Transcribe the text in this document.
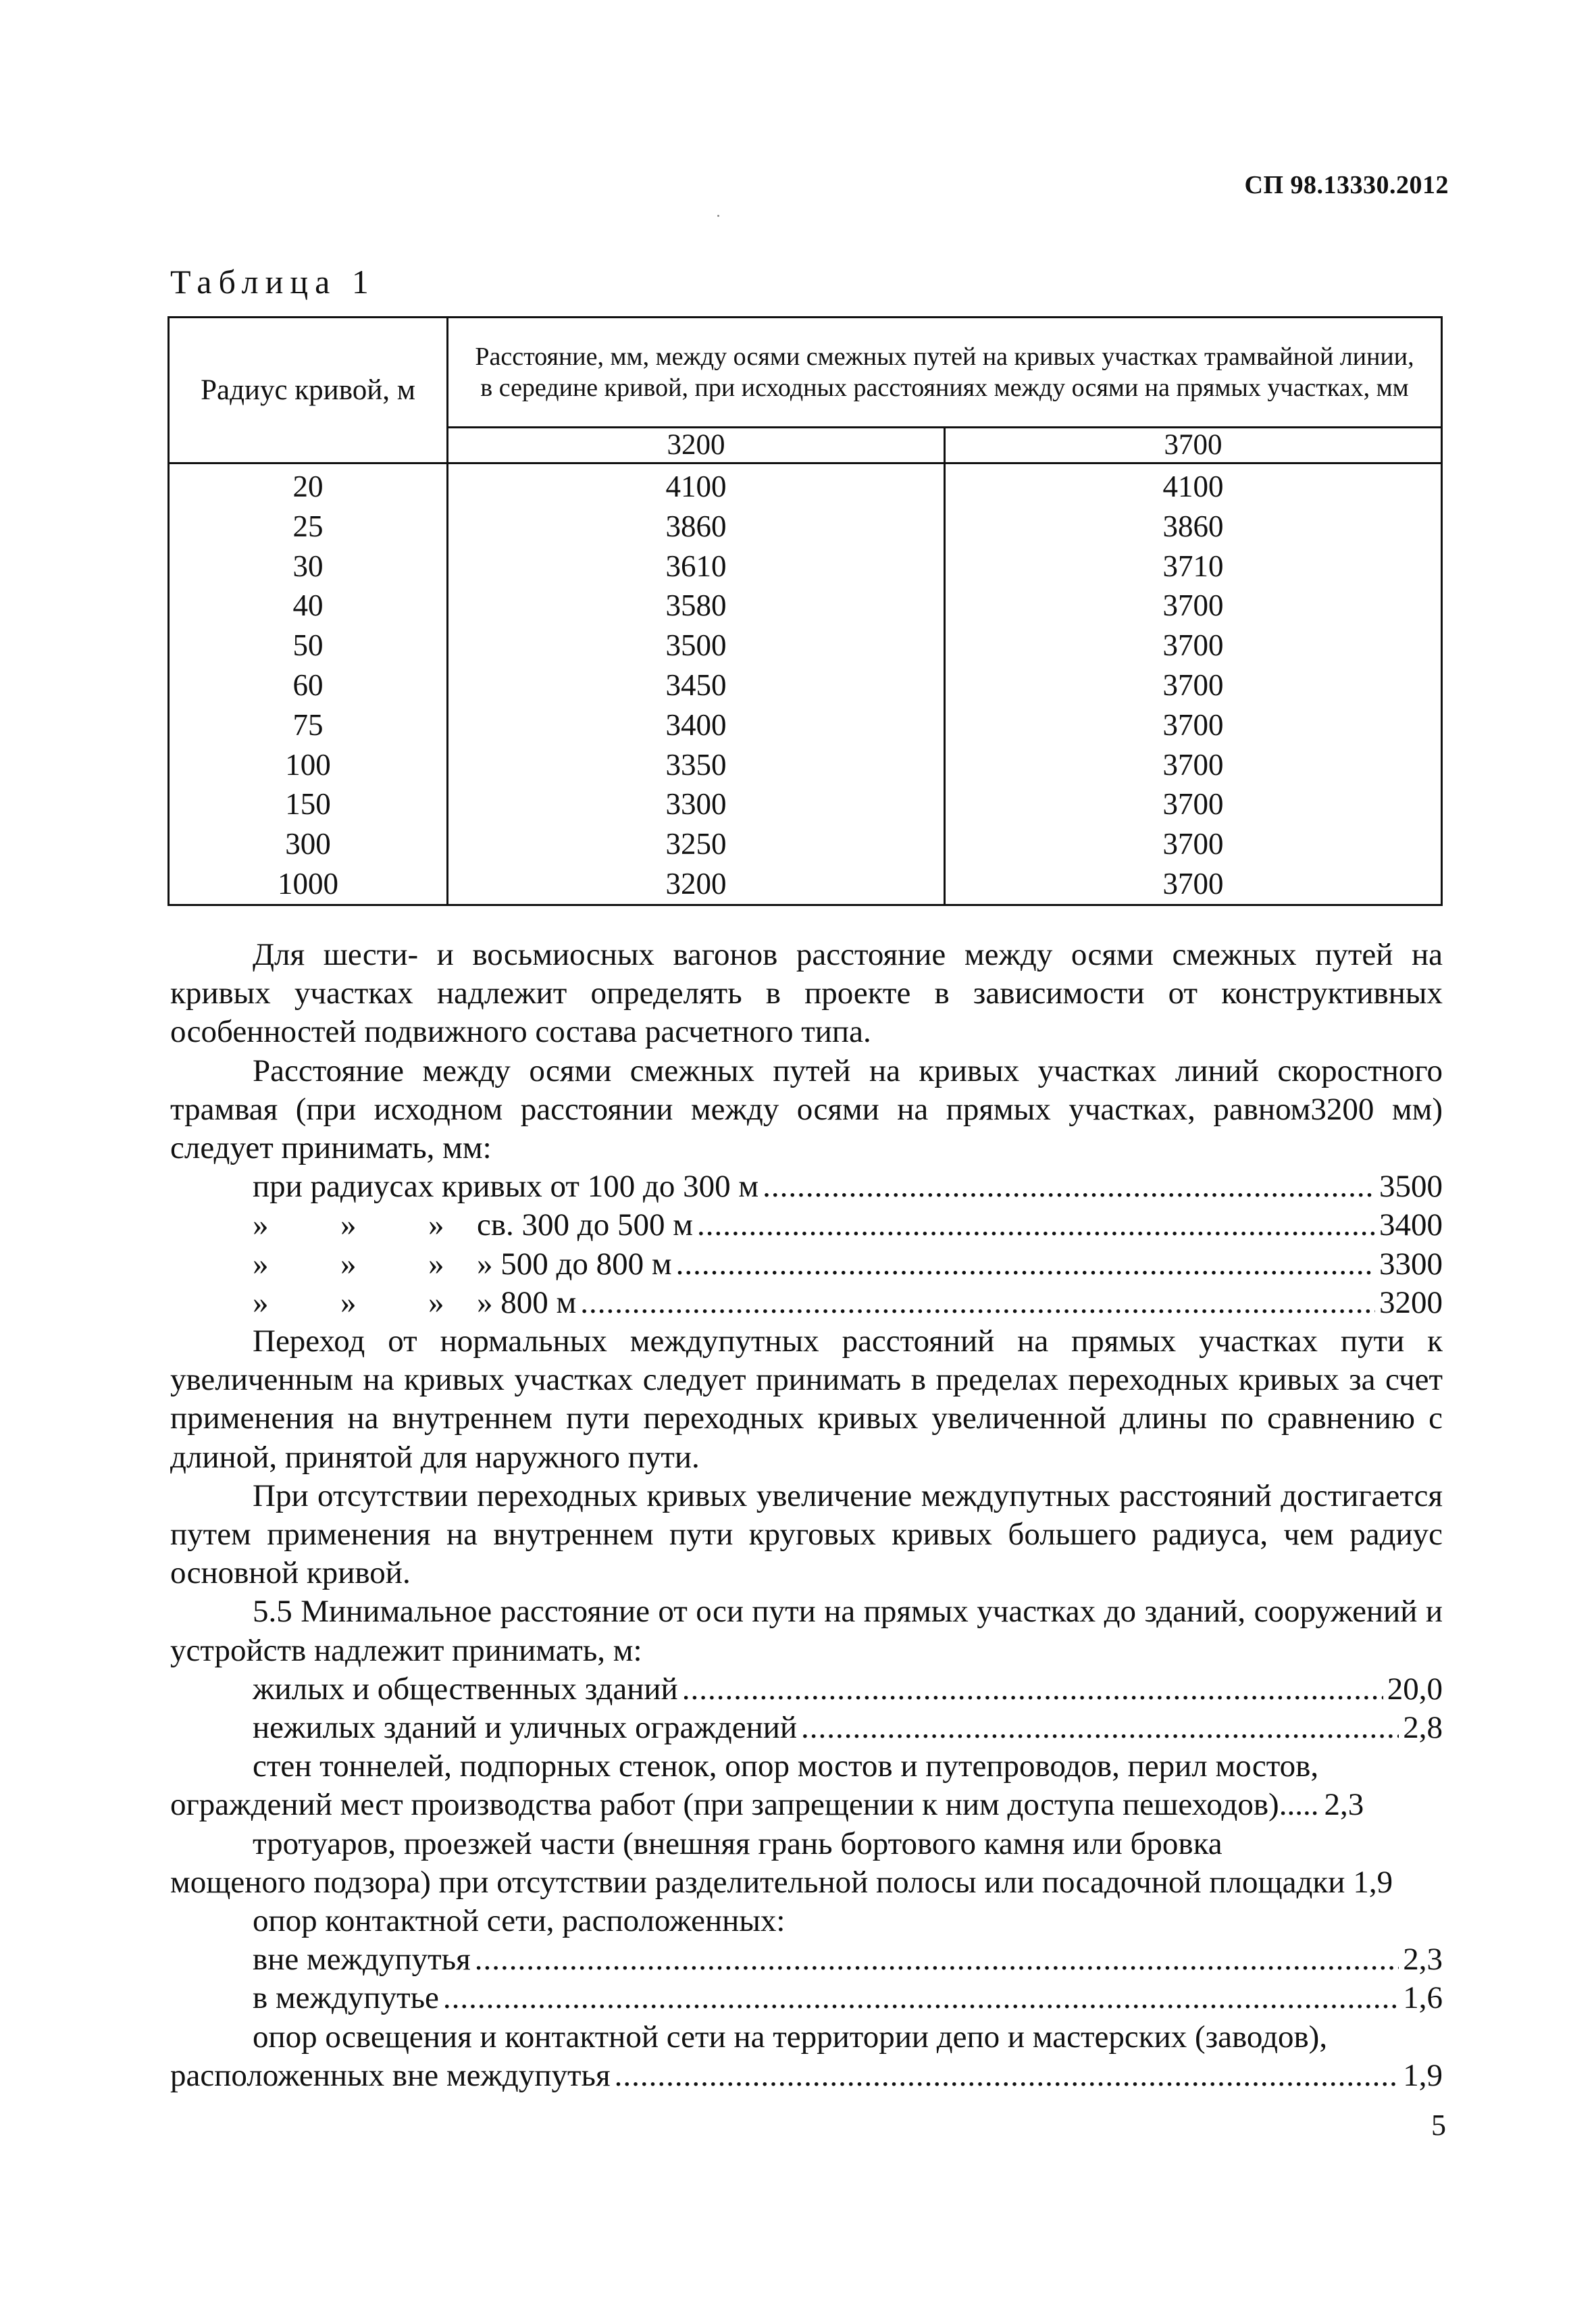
СП 98.13330.2012
Таблица 1
Радиус кривой, м	Расстояние, мм, между осями смежных путей на кривых участках трамвайной линии, в середине кривой, при исходных расстояниях между осями на прямых участках, мм	
	3200	3700
20	4100	4100
25	3860	3860
30	3610	3710
40	3580	3700
50	3500	3700
60	3450	3700
75	3400	3700
100	3350	3700
150	3300	3700
300	3250	3700
1000	3200	3700

Для шести- и восьмиосных вагонов расстояние между осями смежных путей на кривых участках надлежит определять в проекте в зависимости от конструктивных особенностей подвижного состава расчетного типа.

Расстояние между осями смежных путей на кривых участках линий скоростного трамвая (при исходном расстоянии между осями на прямых участках, равном3200 мм) следует принимать, мм:

при радиусах кривых от 100 до 300 м .....	3500
»	»	»	св. 300 до 500 м .....	3400
»	»	»	» 500 до 800 м .....	3300
»	»	»	» 800 м .....	3200

Переход от нормальных междупутных расстояний на прямых участках пути к увеличенным на кривых участках следует принимать в пределах переходных кривых за счет применения на внутреннем пути переходных кривых увеличенной длины по сравнению с длиной, принятой для наружного пути.

При отсутствии переходных кривых увеличение междупутных расстояний достигается путем применения на внутреннем пути круговых кривых большего радиуса, чем радиус основной кривой.

5.5 Минимальное расстояние от оси пути на прямых участках до зданий, сооружений и устройств надлежит принимать, м:

жилых и общественных зданий .....	20,0
нежилых зданий и уличных ограждений .....	2,8
стен тоннелей, подпорных стенок, опор мостов и путепроводов, перил мостов,
ограждений мест производства работ (при запрещении к ним доступа пешеходов)..... 2,3
тротуаров, проезжей части (внешняя грань бортового камня или бровка
мощеного подзора) при отсутствии разделительной полосы или посадочной площадки 1,9
опор контактной сети, расположенных:
вне междупутья .....	2,3
в междупутье .....	1,6
опор освещения и контактной сети на территории депо и мастерских (заводов),
расположенных вне междупутья .....	1,9
5
